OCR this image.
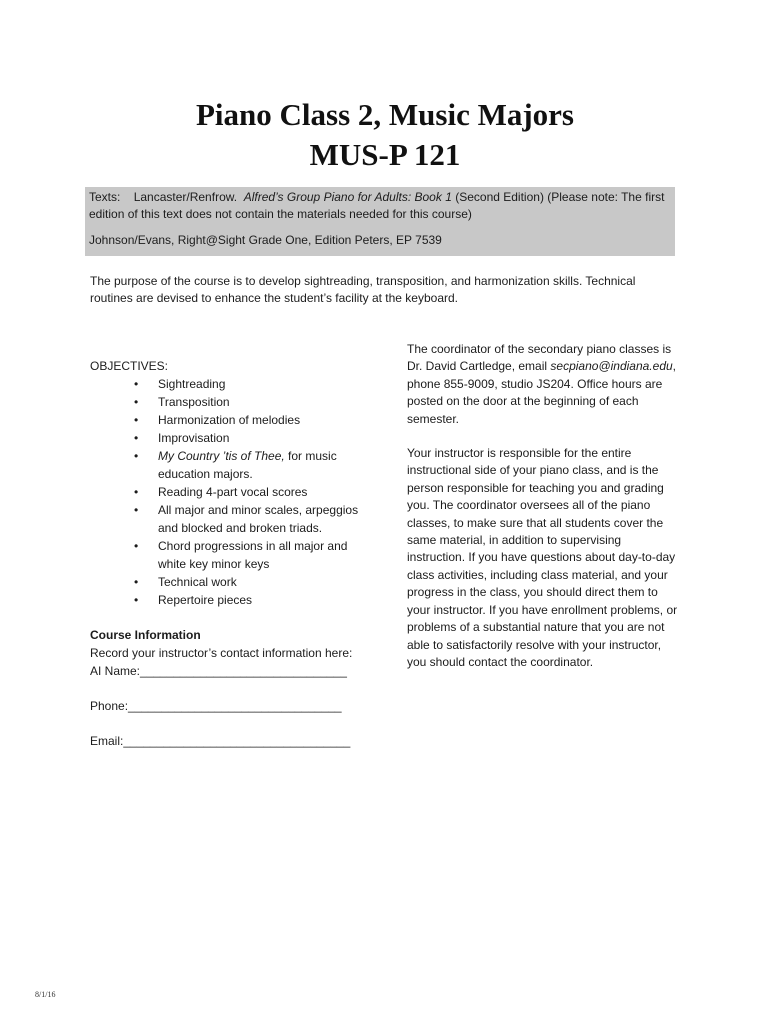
Piano Class 2, Music Majors
MUS-P 121

Texts: Lancaster/Renfrow. Alfred’s Group Piano for Adults: Book 1 (Second Edition) (Please note: The first edition of this text does not contain the materials needed for this course)

Johnson/Evans, Right@Sight Grade One, Edition Peters, EP 7539

The purpose of the course is to develop sightreading, transposition, and harmonization skills. Technical routines are devised to enhance the student’s facility at the keyboard.

OBJECTIVES:

• Sightreading
• Transposition
• Harmonization of melodies
• Improvisation
• My Country ’tis of Thee, for music education majors.
• Reading 4-part vocal scores
• All major and minor scales, arpeggios and blocked and broken triads.
• Chord progressions in all major and white key minor keys
• Technical work
• Repertoire pieces

Course Information

Record your instructor’s contact information here:

AI Name:_______________________________

Phone:________________________________

Email:__________________________________

The coordinator of the secondary piano classes is Dr. David Cartledge, email secpiano@indiana.edu, phone 855-9009, studio JS204. Office hours are posted on the door at the beginning of each semester.

Your instructor is responsible for the entire instructional side of your piano class, and is the person responsible for teaching you and grading you. The coordinator oversees all of the piano classes, to make sure that all students cover the same material, in addition to supervising instruction. If you have questions about day-to-day class activities, including class material, and your progress in the class, you should direct them to your instructor. If you have enrollment problems, or problems of a substantial nature that you are not able to satisfactorily resolve with your instructor, you should contact the coordinator.

8/1/16
